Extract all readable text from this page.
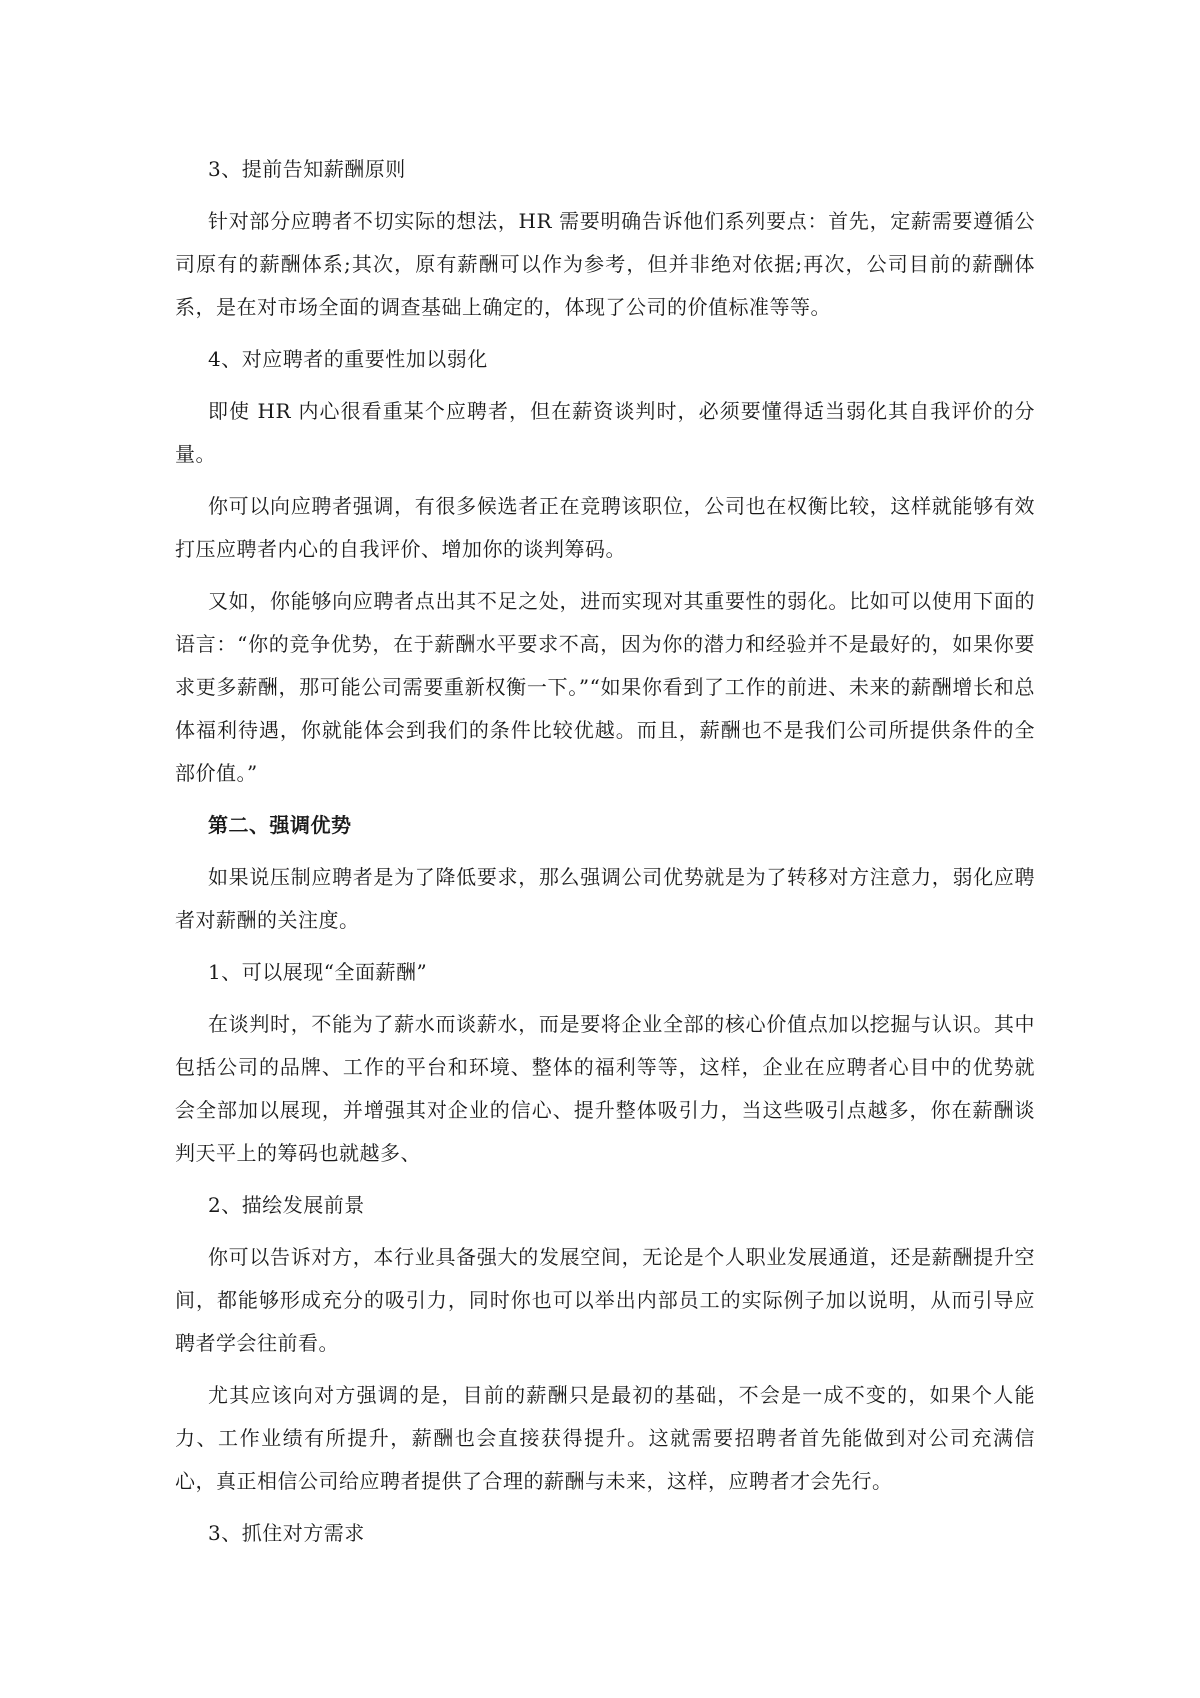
3、提前告知薪酬原则

针对部分应聘者不切实际的想法，HR 需要明确告诉他们系列要点：首先，定薪需要遵循公司原有的薪酬体系;其次，原有薪酬可以作为参考，但并非绝对依据;再次，公司目前的薪酬体系，是在对市场全面的调查基础上确定的，体现了公司的价值标准等等。

4、对应聘者的重要性加以弱化

即使 HR 内心很看重某个应聘者，但在薪资谈判时，必须要懂得适当弱化其自我评价的分量。

你可以向应聘者强调，有很多候选者正在竞聘该职位，公司也在权衡比较，这样就能够有效打压应聘者内心的自我评价、增加你的谈判筹码。

又如，你能够向应聘者点出其不足之处，进而实现对其重要性的弱化。比如可以使用下面的语言：“你的竞争优势，在于薪酬水平要求不高，因为你的潜力和经验并不是最好的，如果你要求更多薪酬，那可能公司需要重新权衡一下。”“如果你看到了工作的前进、未来的薪酬增长和总体福利待遇，你就能体会到我们的条件比较优越。而且，薪酬也不是我们公司所提供条件的全部价值。”

第二、强调优势

如果说压制应聘者是为了降低要求，那么强调公司优势就是为了转移对方注意力，弱化应聘者对薪酬的关注度。

1、可以展现“全面薪酬”

在谈判时，不能为了薪水而谈薪水，而是要将企业全部的核心价值点加以挖掘与认识。其中包括公司的品牌、工作的平台和环境、整体的福利等等，这样，企业在应聘者心目中的优势就会全部加以展现，并增强其对企业的信心、提升整体吸引力，当这些吸引点越多，你在薪酬谈判天平上的筹码也就越多、

2、描绘发展前景

你可以告诉对方，本行业具备强大的发展空间，无论是个人职业发展通道，还是薪酬提升空间，都能够形成充分的吸引力，同时你也可以举出内部员工的实际例子加以说明，从而引导应聘者学会往前看。

尤其应该向对方强调的是，目前的薪酬只是最初的基础，不会是一成不变的，如果个人能力、工作业绩有所提升，薪酬也会直接获得提升。这就需要招聘者首先能做到对公司充满信心，真正相信公司给应聘者提供了合理的薪酬与未来，这样，应聘者才会先行。

3、抓住对方需求
